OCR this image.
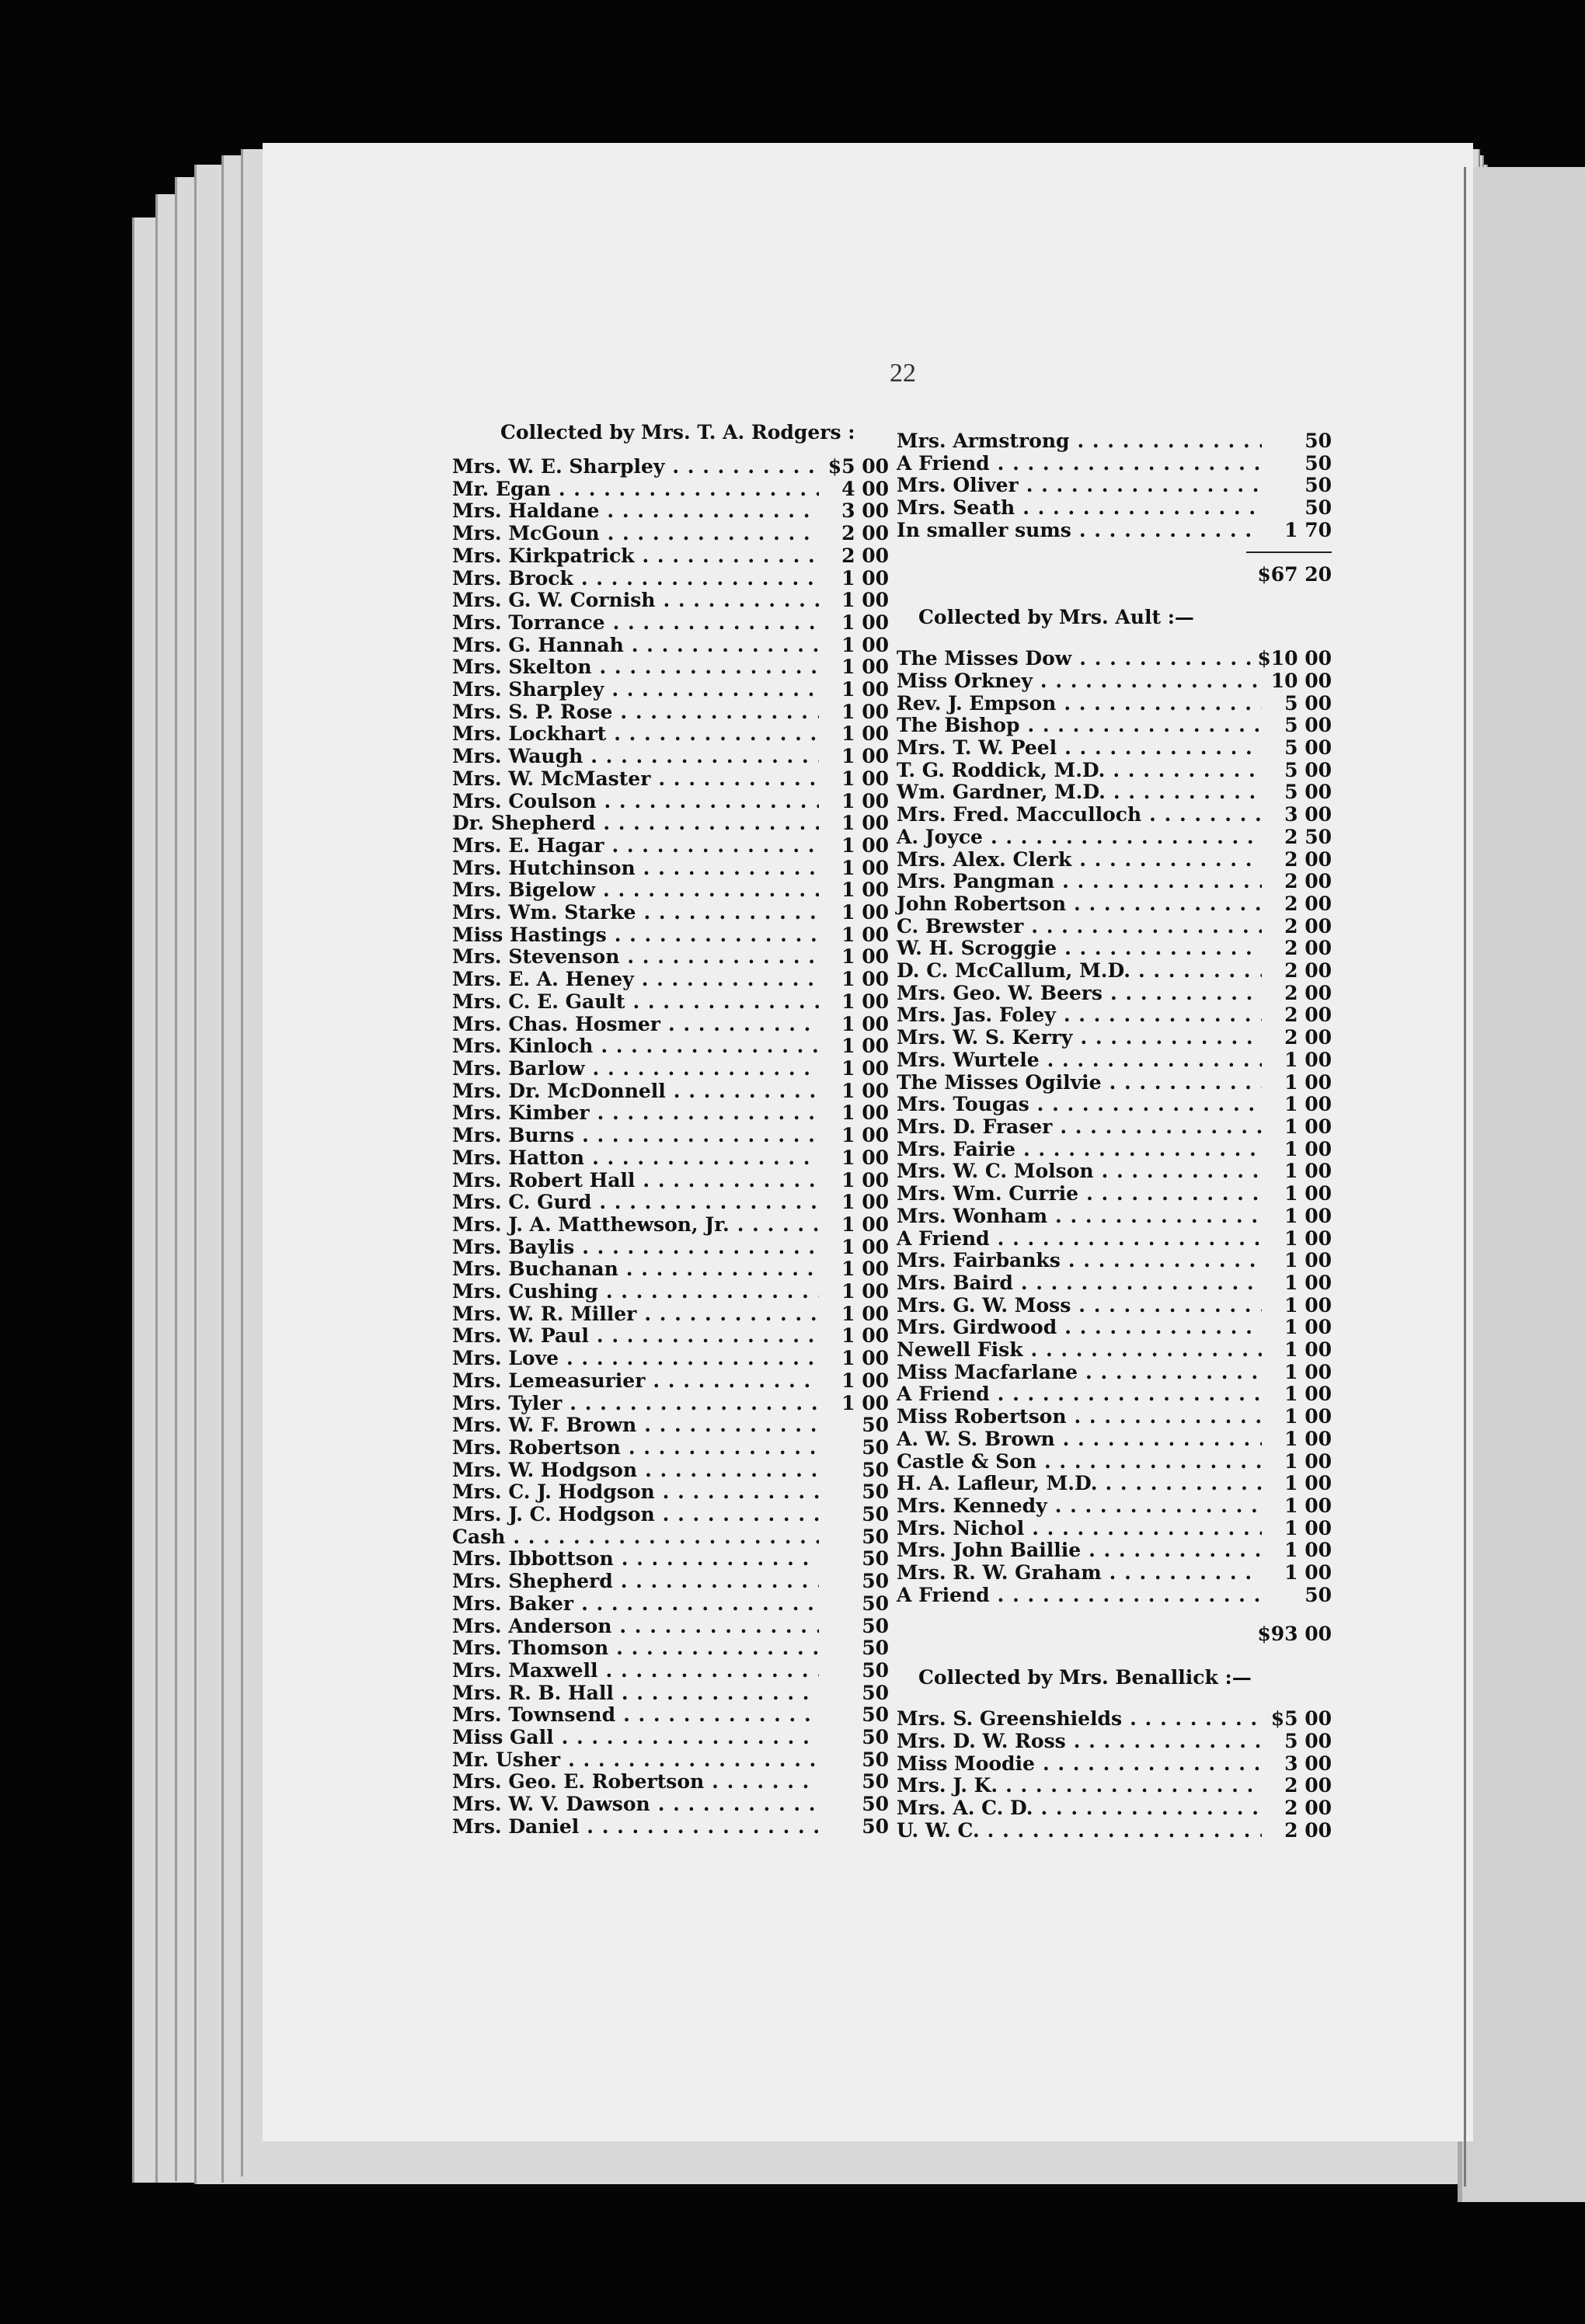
22
Collected by Mrs. T. A. Rodgers :
Mrs. W. E. Sharpley . . .	$5 00
Mr. Egan . . .	4 00
Mrs. Haldane . . .	3 00
Mrs. McGoun . . .	2 00
Mrs. Kirkpatrick . . .	2 00
Mrs. Brock . . .	1 00
Mrs. G. W. Cornish . . .	1 00
Mrs. Torrance . . .	1 00
Mrs. G. Hannah . . .	1 00
Mrs. Skelton . . .	1 00
Mrs. Sharpley . . .	1 00
Mrs. S. P. Rose . . .	1 00
Mrs. Lockhart . . .	1 00
Mrs. Waugh . . .	1 00
Mrs. W. McMaster . . .	1 00
Mrs. Coulson . . .	1 00
Dr. Shepherd . . .	1 00
Mrs. E. Hagar . . .	1 00
Mrs. Hutchinson . . .	1 00
Mrs. Bigelow . . .	1 00
Mrs. Wm. Starke . . .	1 00
Miss Hastings . . .	1 00
Mrs. Stevenson . . .	1 00
Mrs. E. A. Heney . . .	1 00
Mrs. C. E. Gault . . .	1 00
Mrs. Chas. Hosmer . . .	1 00
Mrs. Kinloch . . .	1 00
Mrs. Barlow . . .	1 00
Mrs. Dr. McDonnell . . .	1 00
Mrs. Kimber . . .	1 00
Mrs. Burns . . .	1 00
Mrs. Hatton . . .	1 00
Mrs. Robert Hall . . .	1 00
Mrs. C. Gurd . . .	1 00
Mrs. J. A. Matthewson, Jr. . . .	1 00
Mrs. Baylis . . .	1 00
Mrs. Buchanan . . .	1 00
Mrs. Cushing . . .	1 00
Mrs. W. R. Miller . . .	1 00
Mrs. W. Paul . . .	1 00
Mrs. Love . . .	1 00
Mrs. Lemeasurier . . .	1 00
Mrs. Tyler . . .	1 00
Mrs. W. F. Brown . . .	50
Mrs. Robertson . . .	50
Mrs. W. Hodgson . . .	50
Mrs. C. J. Hodgson . . .	50
Mrs. J. C. Hodgson . . .	50
Cash . . .	50
Mrs. Ibbottson . . .	50
Mrs. Shepherd . . .	50
Mrs. Baker . . .	50
Mrs. Anderson . . .	50
Mrs. Thomson . . .	50
Mrs. Maxwell . . .	50
Mrs. R. B. Hall . . .	50
Mrs. Townsend . . .	50
Miss Gall . . .	50
Mr. Usher . . .	50
Mrs. Geo. E. Robertson . . .	50
Mrs. W. V. Dawson . . .	50
Mrs. Daniel . . .	50
Mrs. Armstrong . . .	50
A Friend . . .	50
Mrs. Oliver . . .	50
Mrs. Seath . . .	50
In smaller sums . . .	1 70
$67 20
Collected by Mrs. Ault :—
The Misses Dow . . .	$10 00
Miss Orkney . . .	10 00
Rev. J. Empson . . .	5 00
The Bishop . . .	5 00
Mrs. T. W. Peel . . .	5 00
T. G. Roddick, M.D. . . .	5 00
Wm. Gardner, M.D. . . .	5 00
Mrs. Fred. Macculloch . . .	3 00
A. Joyce . . .	2 50
Mrs. Alex. Clerk . . .	2 00
Mrs. Pangman . . .	2 00
John Robertson . . .	2 00
C. Brewster . . .	2 00
W. H. Scroggie . . .	2 00
D. C. McCallum, M.D. . . .	2 00
Mrs. Geo. W. Beers . . .	2 00
Mrs. Jas. Foley . . .	2 00
Mrs. W. S. Kerry . . .	2 00
Mrs. Wurtele . . .	1 00
The Misses Ogilvie . . .	1 00
Mrs. Tougas . . .	1 00
Mrs. D. Fraser . . .	1 00
Mrs. Fairie . . .	1 00
Mrs. W. C. Molson . . .	1 00
Mrs. Wm. Currie . . .	1 00
Mrs. Wonham . . .	1 00
A Friend . . .	1 00
Mrs. Fairbanks . . .	1 00
Mrs. Baird . . .	1 00
Mrs. G. W. Moss . . .	1 00
Mrs. Girdwood . . .	1 00
Newell Fisk . . .	1 00
Miss Macfarlane . . .	1 00
A Friend . . .	1 00
Miss Robertson . . .	1 00
A. W. S. Brown . . .	1 00
Castle & Son . . .	1 00
H. A. Lafleur, M.D. . . .	1 00
Mrs. Kennedy . . .	1 00
Mrs. Nichol . . .	1 00
Mrs. John Baillie . . .	1 00
Mrs. R. W. Graham . . .	1 00
A Friend . . .	50
$93 00
Collected by Mrs. Benallick :—
Mrs. S. Greenshields . . .	$5 00
Mrs. D. W. Ross . . .	5 00
Miss Moodie . . .	3 00
Mrs. J. K. . . .	2 00
Mrs. A. C. D. . . .	2 00
U. W. C. . . .	2 00
